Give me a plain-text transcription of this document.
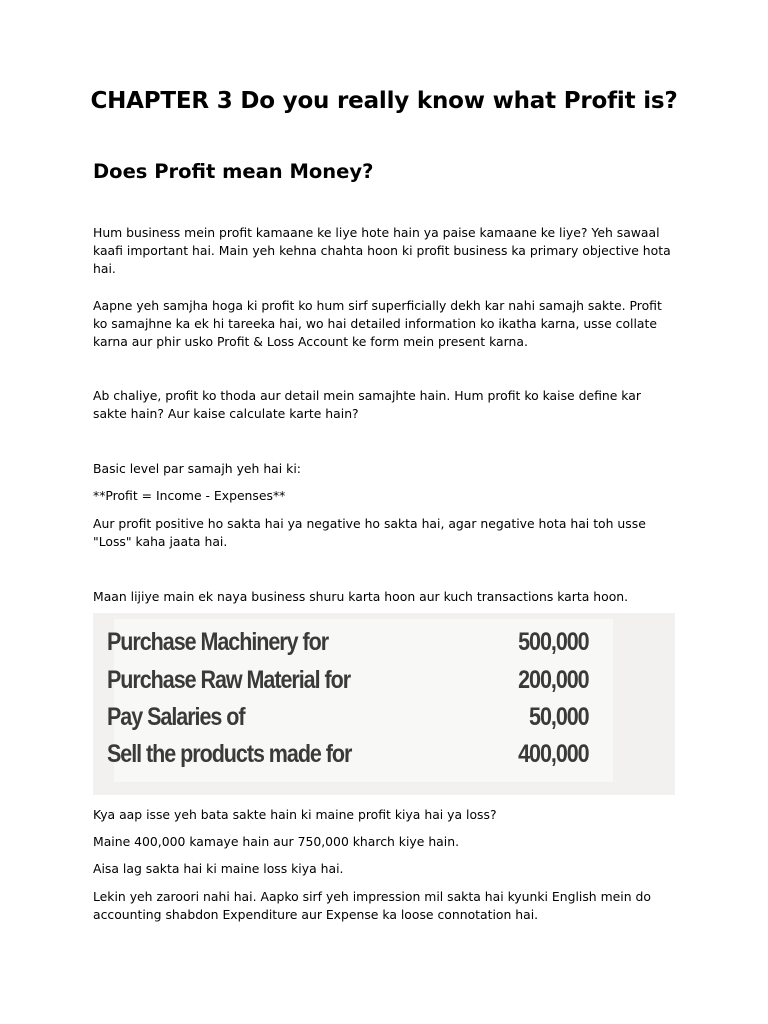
CHAPTER 3 Do you really know what Profit is?
Does Profit mean Money?

Hum business mein profit kamaane ke liye hote hain ya paise kamaane ke liye? Yeh sawaal kaafi important hai. Main yeh kehna chahta hoon ki profit business ka primary objective hota hai.

Aapne yeh samjha hoga ki profit ko hum sirf superficially dekh kar nahi samajh sakte. Profit ko samajhne ka ek hi tareeka hai, wo hai detailed information ko ikatha karna, usse collate karna aur phir usko Profit & Loss Account ke form mein present karna.

Ab chaliye, profit ko thoda aur detail mein samajhte hain. Hum profit ko kaise define kar sakte hain? Aur kaise calculate karte hain?

Basic level par samajh yeh hai ki:

**Profit = Income - Expenses**

Aur profit positive ho sakta hai ya negative ho sakta hai, agar negative hota hai toh usse "Loss" kaha jaata hai.

Maan lijiye main ek naya business shuru karta hoon aur kuch transactions karta hoon.

Purchase Machinery for	500,000
Purchase Raw Material for	200,000
Pay Salaries of	50,000
Sell the products made for	400,000

Kya aap isse yeh bata sakte hain ki maine profit kiya hai ya loss?

Maine 400,000 kamaye hain aur 750,000 kharch kiye hain.

Aisa lag sakta hai ki maine loss kiya hai.

Lekin yeh zaroori nahi hai. Aapko sirf yeh impression mil sakta hai kyunki English mein do accounting shabdon Expenditure aur Expense ka loose connotation hai.
